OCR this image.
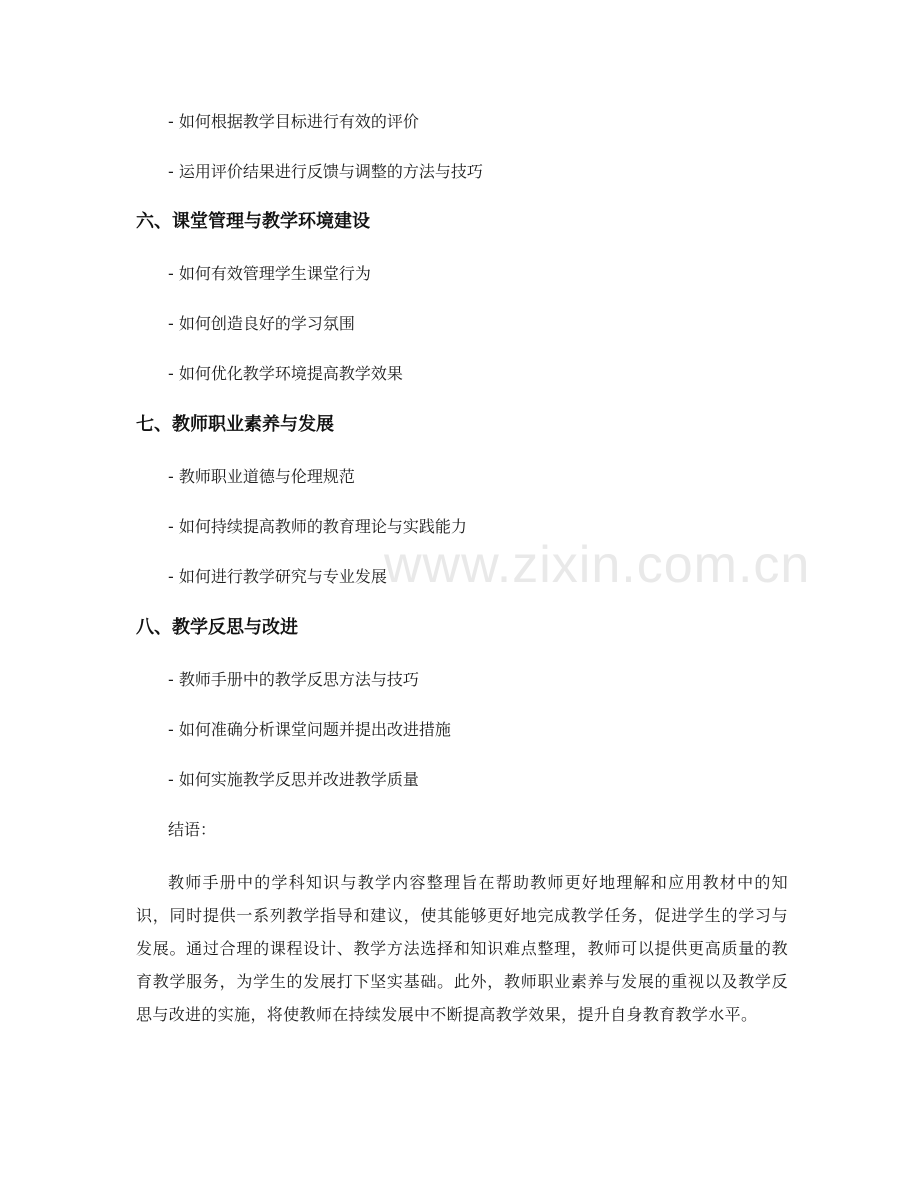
www.zixin.com.cn
- 如何根据教学目标进行有效的评价
- 运用评价结果进行反馈与调整的方法与技巧
六、课堂管理与教学环境建设
- 如何有效管理学生课堂行为
- 如何创造良好的学习氛围
- 如何优化教学环境提高教学效果
七、教师职业素养与发展
- 教师职业道德与伦理规范
- 如何持续提高教师的教育理论与实践能力
- 如何进行教学研究与专业发展
八、教学反思与改进
- 教师手册中的教学反思方法与技巧
- 如何准确分析课堂问题并提出改进措施
- 如何实施教学反思并改进教学质量
结语：

教师手册中的学科知识与教学内容整理旨在帮助教师更好地理解和应用教材中的知识，同时提供一系列教学指导和建议，使其能够更好地完成教学任务，促进学生的学习与发展。通过合理的课程设计、教学方法选择和知识难点整理，教师可以提供更高质量的教育教学服务，为学生的发展打下坚实基础。此外，教师职业素养与发展的重视以及教学反思与改进的实施，将使教师在持续发展中不断提高教学效果，提升自身教育教学水平。
